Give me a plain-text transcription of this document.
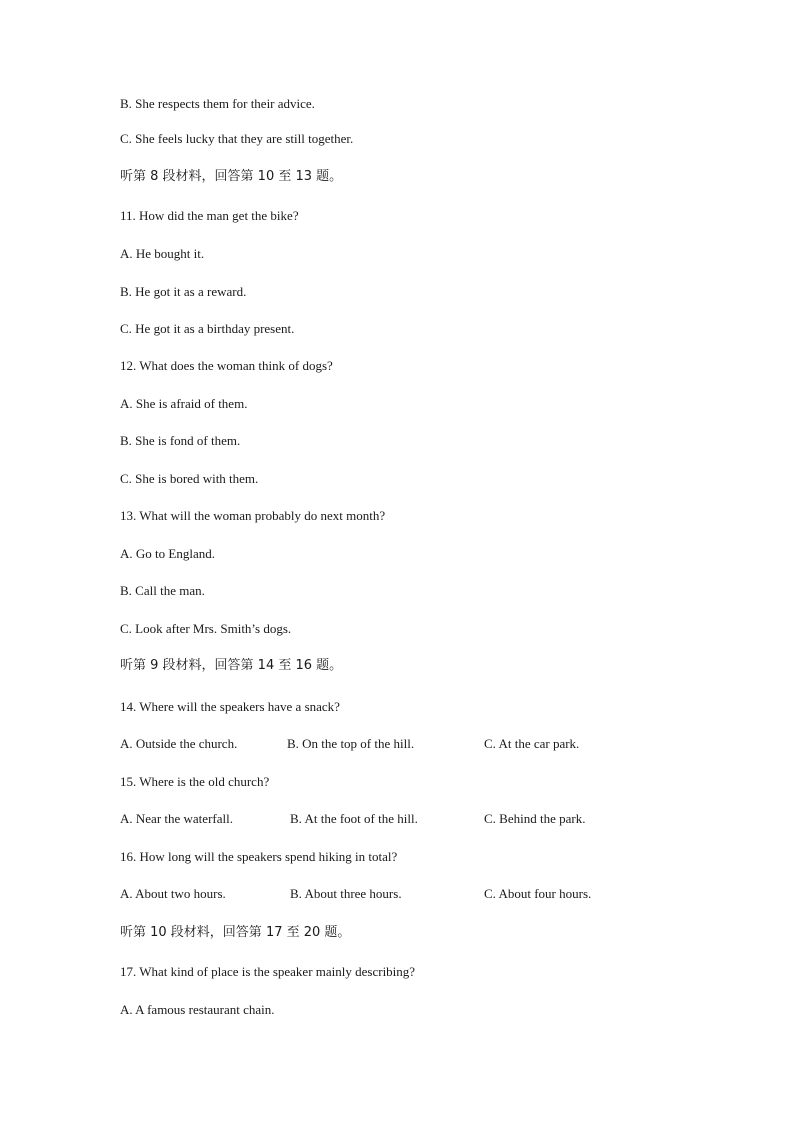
B. She respects them for their advice.
C. She feels lucky that they are still together.
听第 8 段材料，回答第 10 至 13 题。
11. How did the man get the bike?
A. He bought it.
B. He got it as a reward.
C. He got it as a birthday present.
12. What does the woman think of dogs?
A. She is afraid of them.
B. She is fond of them.
C. She is bored with them.
13. What will the woman probably do next month?
A. Go to England.
B. Call the man.
C. Look after Mrs. Smith’s dogs.
听第 9 段材料，回答第 14 至 16 题。
14. Where will the speakers have a snack?
A. Outside the church.	B. On the top of the hill.	C. At the car park.
15. Where is the old church?
A. Near the waterfall.	B. At the foot of the hill.	C. Behind the park.
16. How long will the speakers spend hiking in total?
A. About two hours.	B. About three hours.	C. About four hours.
听第 10 段材料，回答第 17 至 20 题。
17. What kind of place is the speaker mainly describing?
A. A famous restaurant chain.
